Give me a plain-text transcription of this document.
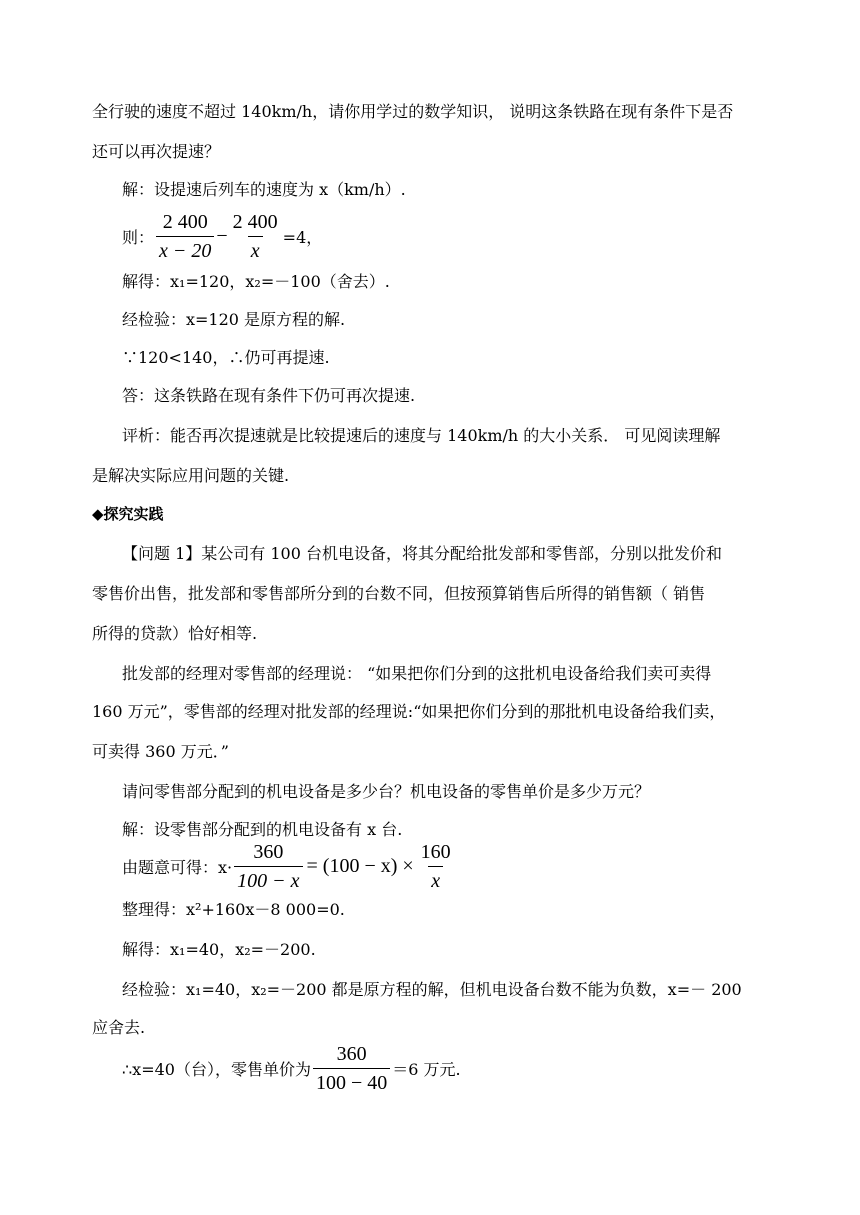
全行驶的速度不超过 140km/h，请你用学过的数学知识， 说明这条铁路在现有条件下是否
还可以再次提速？
解：设提速后列车的速度为 x（km/h）.
则： $\frac{2 400}{x - 20} - \frac{2 400}{x} =4$，
解得：x₁=120，x₂=－100（舍去）.
经检验：x=120 是原方程的解.
∵120<140，∴仍可再提速.
答：这条铁路在现有条件下仍可再次提速.
评析：能否再次提速就是比较提速后的速度与 140km/h 的大小关系． 可见阅读理解
是解决实际应用问题的关键.
◆探究实践
【问题 1】某公司有 100 台机电设备，将其分配给批发部和零售部，分别以批发价和
零售价出售，批发部和零售部所分到的台数不同，但按预算销售后所得的销售额（ 销售
所得的贷款）恰好相等.
批发部的经理对零售部的经理说： “如果把你们分到的这批机电设备给我们卖可卖得
160 万元”，零售部的经理对批发部的经理说:“如果把你们分到的那批机电设备给我们卖，
可卖得 360 万元．”
请问零售部分配到的机电设备是多少台？机电设备的零售单价是多少万元？
解：设零售部分配到的机电设备有 x 台.
由题意可得：$x\cdot \frac{360}{100 - x} = (100 - x) \times \frac{160}{x}$
整理得：x²+160x－8 000=0.
解得：x₁=40，x₂=－200.
经检验：x₁=40，x₂=－200 都是原方程的解，但机电设备台数不能为负数，x=－ 200
应舍去.
∴x=40（台），零售单价为 $\frac{360}{100 - 40} =6$ 万元.
